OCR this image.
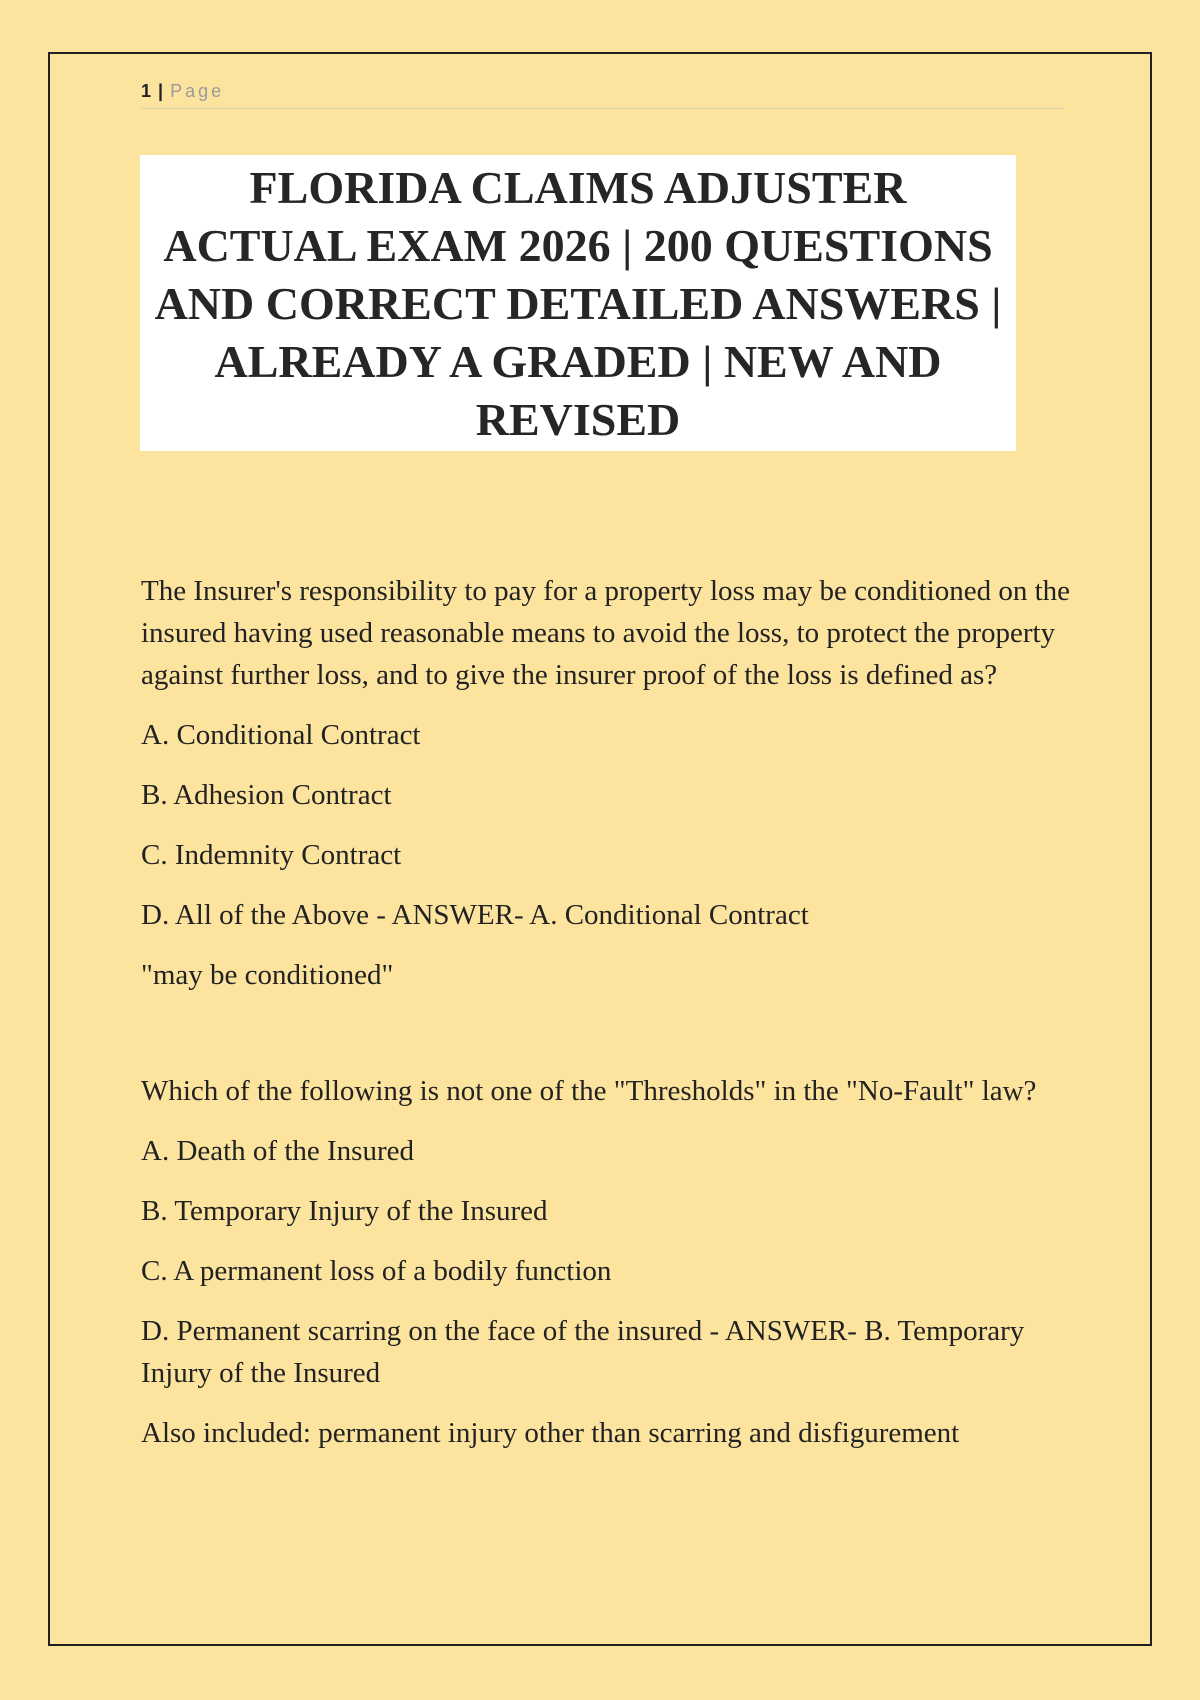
1 | Page
FLORIDA CLAIMS ADJUSTER
ACTUAL EXAM 2026 | 200 QUESTIONS
AND CORRECT DETAILED ANSWERS |
ALREADY A GRADED | NEW AND
REVISED

The Insurer's responsibility to pay for a property loss may be conditioned on the insured having used reasonable means to avoid the loss, to protect the property against further loss, and to give the insurer proof of the loss is defined as?

A. Conditional Contract

B. Adhesion Contract

C. Indemnity Contract

D. All of the Above - ANSWER- A. Conditional Contract

"may be conditioned"

Which of the following is not one of the "Thresholds" in the "No-Fault" law?

A. Death of the Insured

B. Temporary Injury of the Insured

C. A permanent loss of a bodily function

D. Permanent scarring on the face of the insured - ANSWER- B. Temporary Injury of the Insured

Also included: permanent injury other than scarring and disfigurement
